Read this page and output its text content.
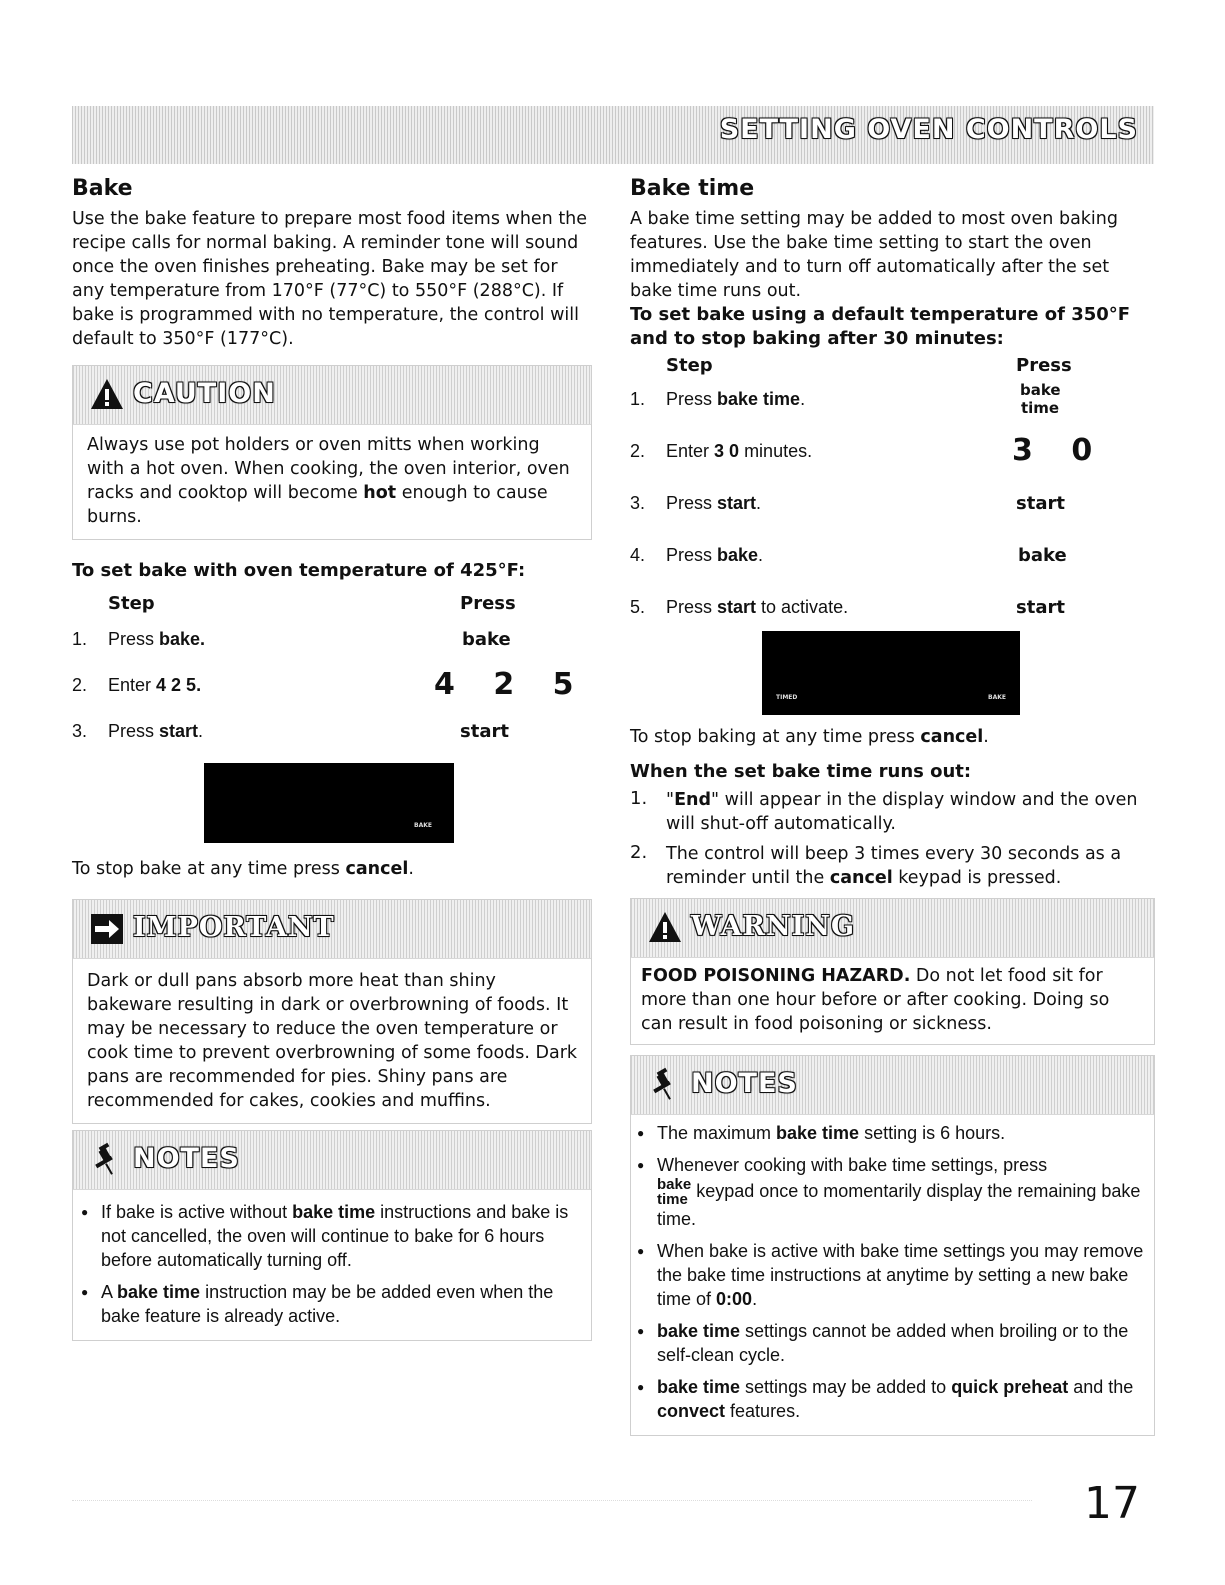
SETTING OVEN CONTROLS
Bake

Use the bake feature to prepare most food items when the recipe calls for normal baking. A reminder tone will sound once the oven finishes preheating. Bake may be set for any temperature from 170°F (77°C) to 550°F (288°C). If bake is programmed with no temperature, the control will default to 350°F (177°C).

CAUTION

Always use pot holders or oven mitts when working with a hot oven. When cooking, the oven interior, oven racks and cooktop will become hot enough to cause burns.

To set bake with oven temperature of 425°F:
Step	Press
1. Press bake.	bake
2. Enter 4 2 5.	4 2 5
3. Press start.	start
BAKE

To stop bake at any time press cancel.

IMPORTANT

Dark or dull pans absorb more heat than shiny bakeware resulting in dark or overbrowning of foods. It may be necessary to reduce the oven temperature or cook time to prevent overbrowning of some foods. Dark pans are recommended for pies. Shiny pans are recommended for cakes, cookies and muffins.

NOTES
● If bake is active without bake time instructions and bake is not cancelled, the oven will continue to bake for 6 hours before automatically turning off.
● A bake time instruction may be be added even when the bake feature is already active.
Bake time

A bake time setting may be added to most oven baking features. Use the bake time setting to start the oven immediately and to turn off automatically after the set bake time runs out.

To set bake using a default temperature of 350°F and to stop baking after 30 minutes:
Step	Press
1. Press bake time.	bake
time
2. Enter 3 0 minutes.	3 0
3. Press start.	start
4. Press bake.	bake
5. Press start to activate.	start
TIMED	BAKE

To stop baking at any time press cancel.

When the set bake time runs out:
1. "End" will appear in the display window and the oven will shut-off automatically.

2. The control will beep 3 times every 30 seconds as a reminder until the cancel keypad is pressed.

WARNING

FOOD POISONING HAZARD. Do not let food sit for more than one hour before or after cooking. Doing so can result in food poisoning or sickness.

NOTES
● The maximum bake time setting is 6 hours.
● Whenever cooking with bake time settings, press
bake
time keypad once to momentarily display the remaining bake time.
● When bake is active with bake time settings you may remove the bake time instructions at anytime by setting a new bake time of 0:00.
● bake time settings cannot be added when broiling or to the self-clean cycle.
● bake time settings may be added to quick preheat and the convect features.
17
